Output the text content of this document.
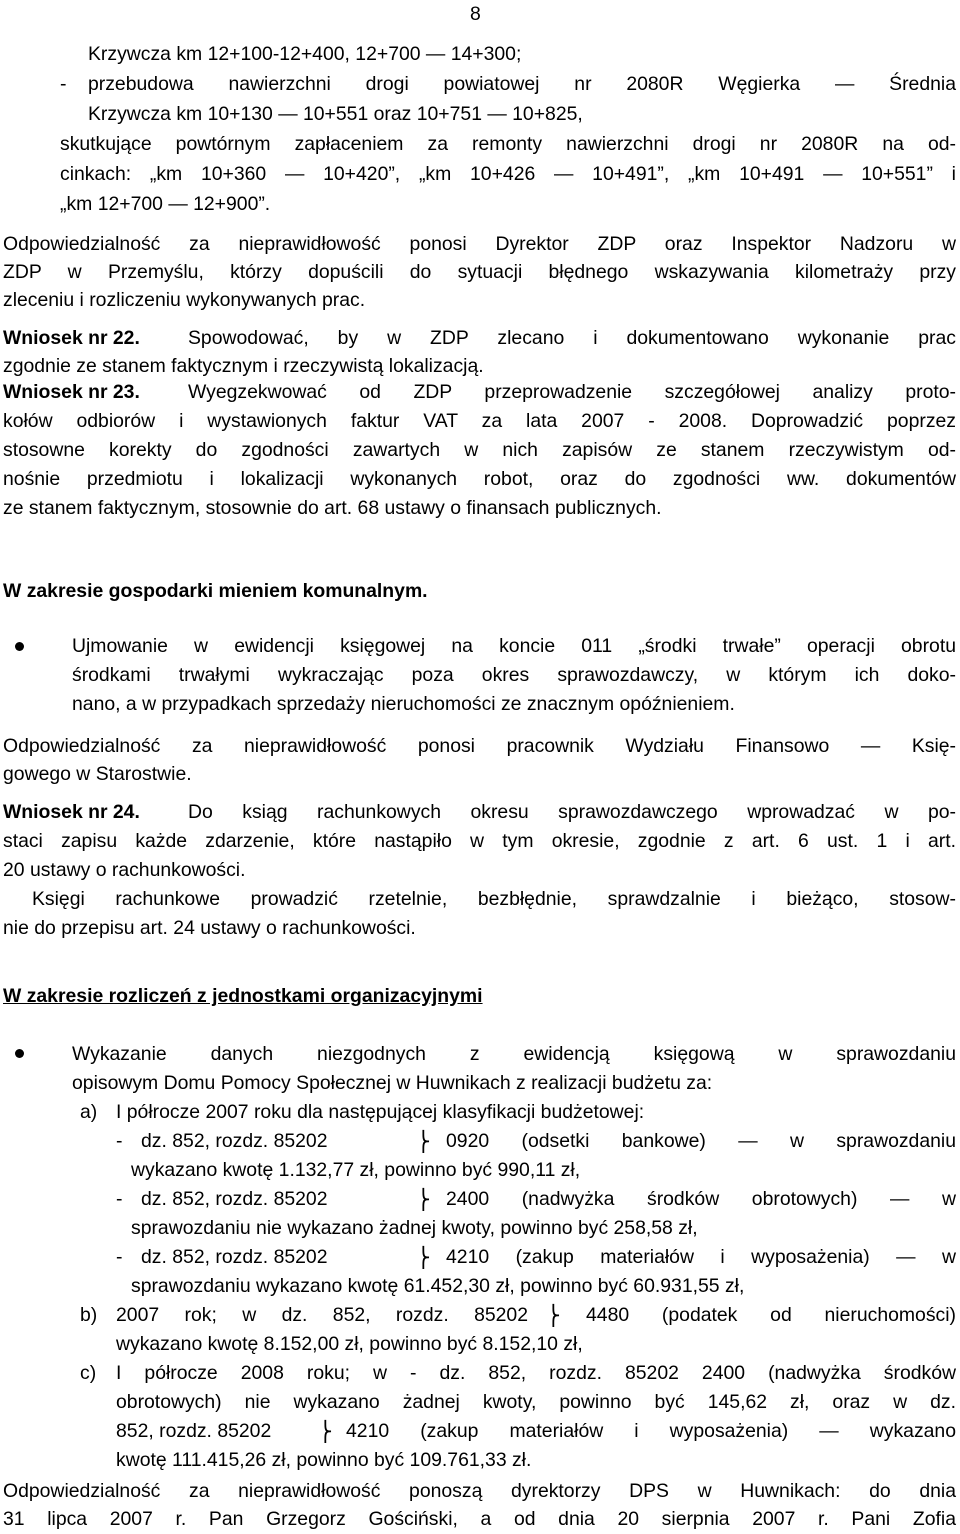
8
Krzywcza km 12+100-12+400, 12+700 — 14+300;
- przebudowa nawierzchni drogi powiatowej nr 2080R Węgierka — Średnia
Krzywcza km 10+130 — 10+551 oraz 10+751 — 10+825,
skutkujące powtórnym zapłaceniem za remonty nawierzchni drogi nr 2080R na od-
cinkach: „km 10+360 — 10+420”, „km 10+426 — 10+491”, „km 10+491 — 10+551” i
„km 12+700 — 12+900”.
Odpowiedzialność za nieprawidłowość ponosi Dyrektor ZDP oraz Inspektor Nadzoru w
ZDP w Przemyślu, którzy dopuścili do sytuacji błędnego wskazywania kilometraży przy
zleceniu i rozliczeniu wykonywanych prac.
Wniosek nr 22. Spowodować, by w ZDP zlecano i dokumentowano wykonanie prac
zgodnie ze stanem faktycznym i rzeczywistą lokalizacją.
Wniosek nr 23. Wyegzekwować od ZDP przeprowadzenie szczegółowej analizy proto-
kołów odbiorów i wystawionych faktur VAT za lata 2007 - 2008. Doprowadzić poprzez
stosowne korekty do zgodności zawartych w nich zapisów ze stanem rzeczywistym od-
nośnie przedmiotu i lokalizacji wykonanych robot, oraz do zgodności ww. dokumentów
ze stanem faktycznym, stosownie do art. 68 ustawy o finansach publicznych.
W zakresie gospodarki mieniem komunalnym.
Ujmowanie w ewidencji księgowej na koncie 011 „środki trwałe” operacji obrotu
środkami trwałymi wykraczając poza okres sprawozdawczy, w którym ich doko-
nano, a w przypadkach sprzedaży nieruchomości ze znacznym opóźnieniem.
Odpowiedzialność za nieprawidłowość ponosi pracownik Wydziału Finansowo — Księ-
gowego w Starostwie.
Wniosek nr 24. Do ksiąg rachunkowych okresu sprawozdawczego wprowadzać w po-
staci zapisu każde zdarzenie, które nastąpiło w tym okresie, zgodnie z art. 6 ust. 1 i art.
20 ustawy o rachunkowości.
Księgi rachunkowe prowadzić rzetelnie, bezbłędnie, sprawdzalnie i bieżąco, stosow-
nie do przepisu art. 24 ustawy o rachunkowości.
W zakresie rozliczeń z jednostkami organizacyjnymi
Wykazanie danych niezgodnych z ewidencją księgową w sprawozdaniu
opisowym Domu Pomocy Społecznej w Huwnikach z realizacji budżetu za:
a) I półrocze 2007 roku dla następującej klasyfikacji budżetowej:
- dz. 852, rozdz. 85202	⎬ 0920 (odsetki bankowe) — w sprawozdaniu
wykazano kwotę 1.132,77 zł, powinno być 990,11 zł,
- dz. 852, rozdz. 85202	⎬ 2400 (nadwyżka środków obrotowych) — w
sprawozdaniu nie wykazano żadnej kwoty, powinno być 258,58 zł,
- dz. 852, rozdz. 85202	⎬ 4210 (zakup materiałów i wyposażenia) — w
sprawozdaniu wykazano kwotę 61.452,30 zł, powinno być 60.931,55 zł,
b) 2007 rok; w dz. 852, rozdz. 85202 ⎬ 4480 (podatek od nieruchomości)
wykazano kwotę 8.152,00 zł, powinno być 8.152,10 zł,
c) I półrocze 2008 roku; w - dz. 852, rozdz. 85202 2400 (nadwyżka środków
obrotowych) nie wykazano żadnej kwoty, powinno być 145,62 zł, oraz w dz.
852, rozdz. 85202 ⎬ 4210 (zakup materiałów i wyposażenia) — wykazano
kwotę 111.415,26 zł, powinno być 109.761,33 zł.
Odpowiedzialność za nieprawidłowość ponoszą dyrektorzy DPS w Huwnikach: do dnia
31 lipca 2007 r. Pan Grzegorz Gościński, a od dnia 20 sierpnia 2007 r. Pani Zofia
